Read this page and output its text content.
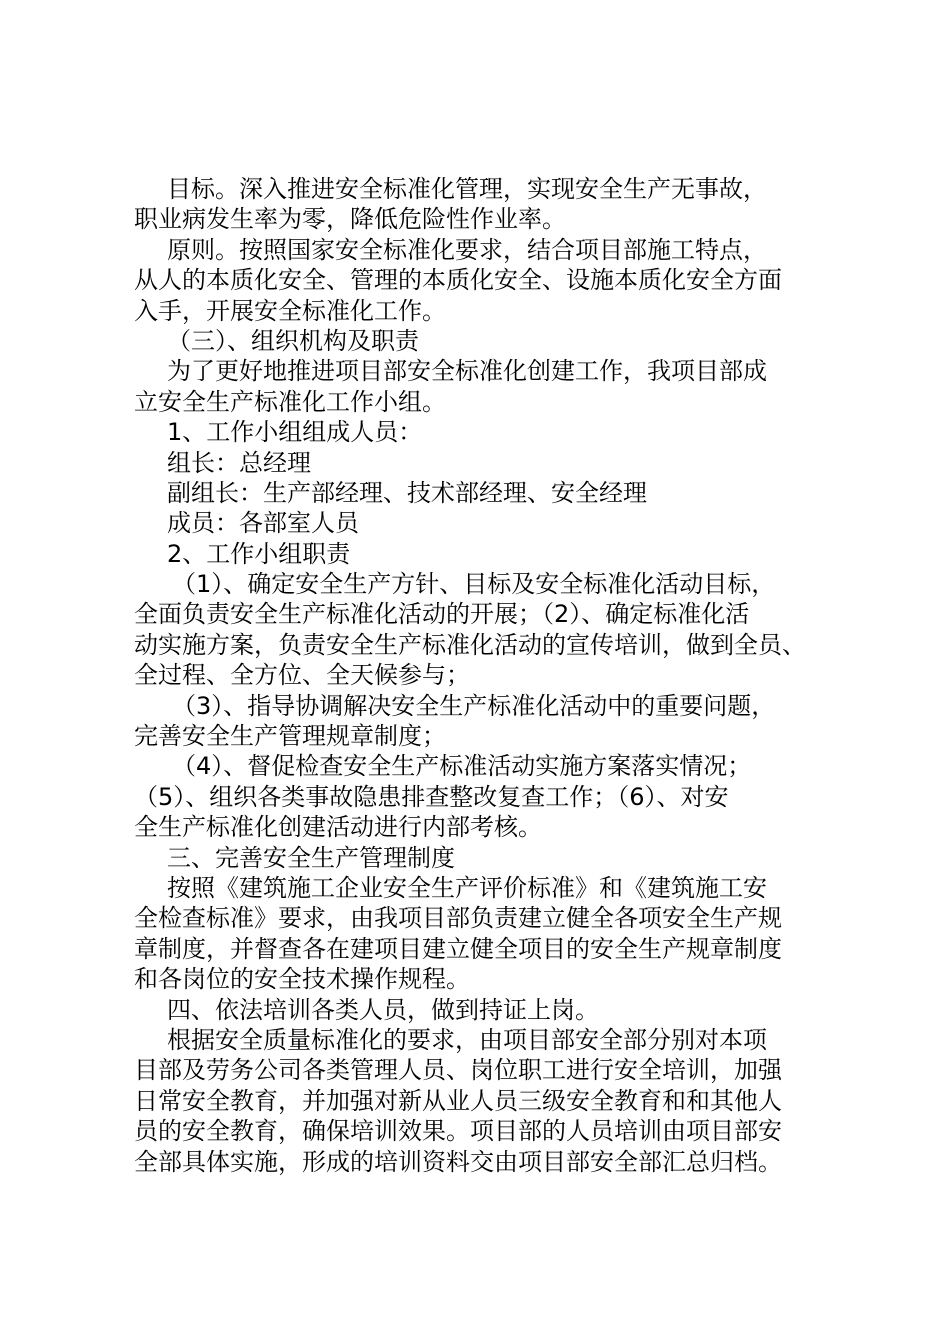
目标。深入推进安全标准化管理，实现安全生产无事故，
职业病发生率为零，降低危险性作业率。
原则。按照国家安全标准化要求，结合项目部施工特点，
从人的本质化安全、管理的本质化安全、设施本质化安全方面
入手，开展安全标准化工作。
（三）、组织机构及职责
为了更好地推进项目部安全标准化创建工作，我项目部成
立安全生产标准化工作小组。
1、工作小组组成人员：
组长：总经理
副组长：生产部经理、技术部经理、安全经理
成员：各部室人员
2、工作小组职责
（1）、确定安全生产方针、目标及安全标准化活动目标，
全面负责安全生产标准化活动的开展；（2）、确定标准化活
动实施方案，负责安全生产标准化活动的宣传培训，做到全员、
全过程、全方位、全天候参与；
（3）、指导协调解决安全生产标准化活动中的重要问题，
完善安全生产管理规章制度；
（4）、督促检查安全生产标准活动实施方案落实情况；
（5）、组织各类事故隐患排查整改复查工作；（6）、对安
全生产标准化创建活动进行内部考核。
三、完善安全生产管理制度
按照《建筑施工企业安全生产评价标准》和《建筑施工安
全检查标准》要求，由我项目部负责建立健全各项安全生产规
章制度，并督查各在建项目建立健全项目的安全生产规章制度
和各岗位的安全技术操作规程。
四、依法培训各类人员，做到持证上岗。
根据安全质量标准化的要求，由项目部安全部分别对本项
目部及劳务公司各类管理人员、岗位职工进行安全培训，加强
日常安全教育，并加强对新从业人员三级安全教育和和其他人
员的安全教育，确保培训效果。项目部的人员培训由项目部安
全部具体实施，形成的培训资料交由项目部安全部汇总归档。
